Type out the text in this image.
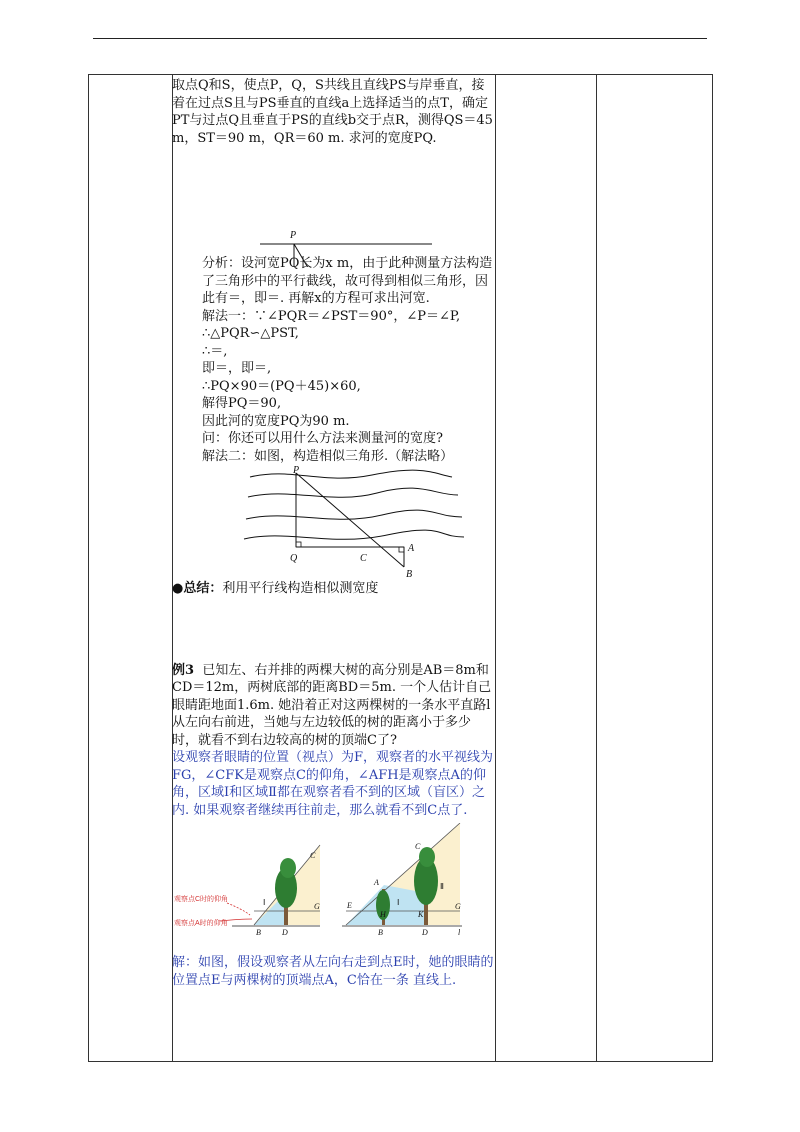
取点Q和S，使点P，Q，S共线且直线PS与岸垂直，接着在过点S且与PS垂直的直线a上选择适当的点T，确定PT与过点Q且垂直于PS的直线b交于点R，测得QS＝45 m，ST＝90 m，QR＝60 m. 求河的宽度PQ.

P

分析：设河宽PQ长为x m，由于此种测量方法构造了三角形中的平行截线，故可得到相似三角形，因此有＝，即＝. 再解x的方程可求出河宽.

解法一：∵∠PQR＝∠PST＝90°，∠P＝∠P,
∴△PQR∽△PST,
∴＝,
即＝，即＝,
∴PQ×90＝(PQ＋45)×60,
解得PQ＝90,
因此河的宽度PQ为90 m.
问：你还可以用什么方法来测量河的宽度?
解法二：如图，构造相似三角形.（解法略）
P
Q	C
A
B

●总结：利用平行线构造相似测宽度

例3 已知左、右并排的两棵大树的高分别是AB＝8m和CD＝12m，两树底部的距离BD＝5m. 一个人估计自己眼睛距地面1.6m. 她沿着正对这两棵树的一条水平直路l从左向右前进，当她与左边较低的树的距离小于多少时，就看不到右边较高的树的顶端C了?

设观察者眼睛的位置（视点）为F，观察者的水平视线为FG，∠CFK是观察点C的仰角，∠AFH是观察点A的仰角，区域Ⅰ和区域Ⅱ都在观察者看不到的区域（盲区）之内. 如果观察者继续再往前走，那么就看不到C点了.

Ⅰ
C
G
D
B
观察点C时的仰角
观察点A时的仰角
C
A
E
H	K
G
Ⅰ
Ⅱ
B	D	l

解：如图，假设观察者从左向右走到点E时，她的眼睛的位置点E与两棵树的顶端点A，C恰在一条 直线上.
